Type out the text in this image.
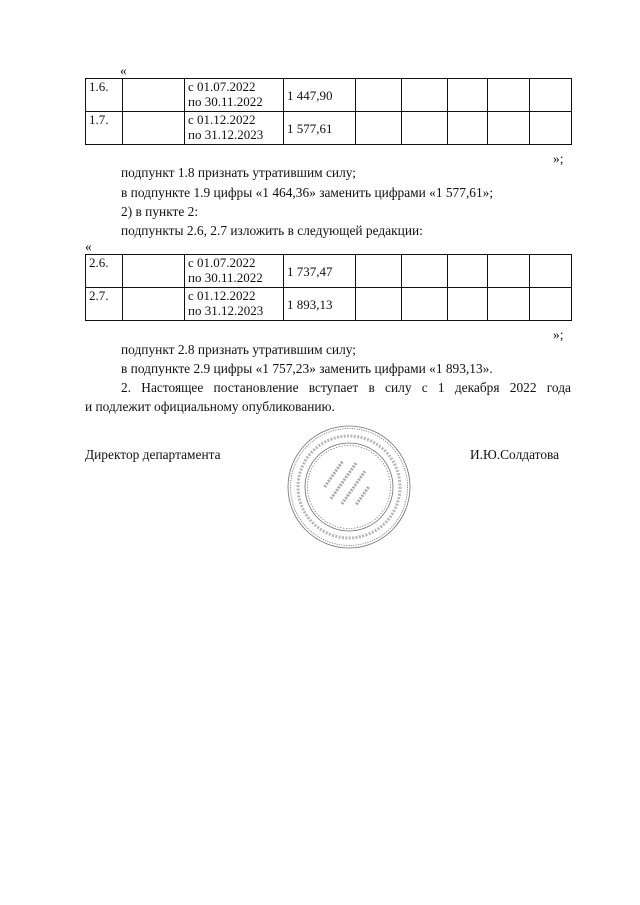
«
1.6.		с 01.07.2022
по 30.11.2022	1 447,90					
1.7.		с 01.12.2022
по 31.12.2023	1 577,61					
»;
подпункт 1.8 признать утратившим силу;
в подпункте 1.9 цифры «1 464,36» заменить цифрами «1 577,61»;
2) в пункте 2:
подпункты 2.6, 2.7 изложить в следующей редакции:
«
2.6.		с 01.07.2022
по 30.11.2022	1 737,47					
2.7.		с 01.12.2022
по 31.12.2023	1 893,13					
»;
подпункт 2.8 признать утратившим силу;
в подпункте 2.9 цифры «1 757,23» заменить цифрами «1 893,13».
2. Настоящее постановление вступает в силу с 1 декабря 2022 года
и подлежит официальному опубликованию.
Директор департамента	И.Ю.Солдатова
